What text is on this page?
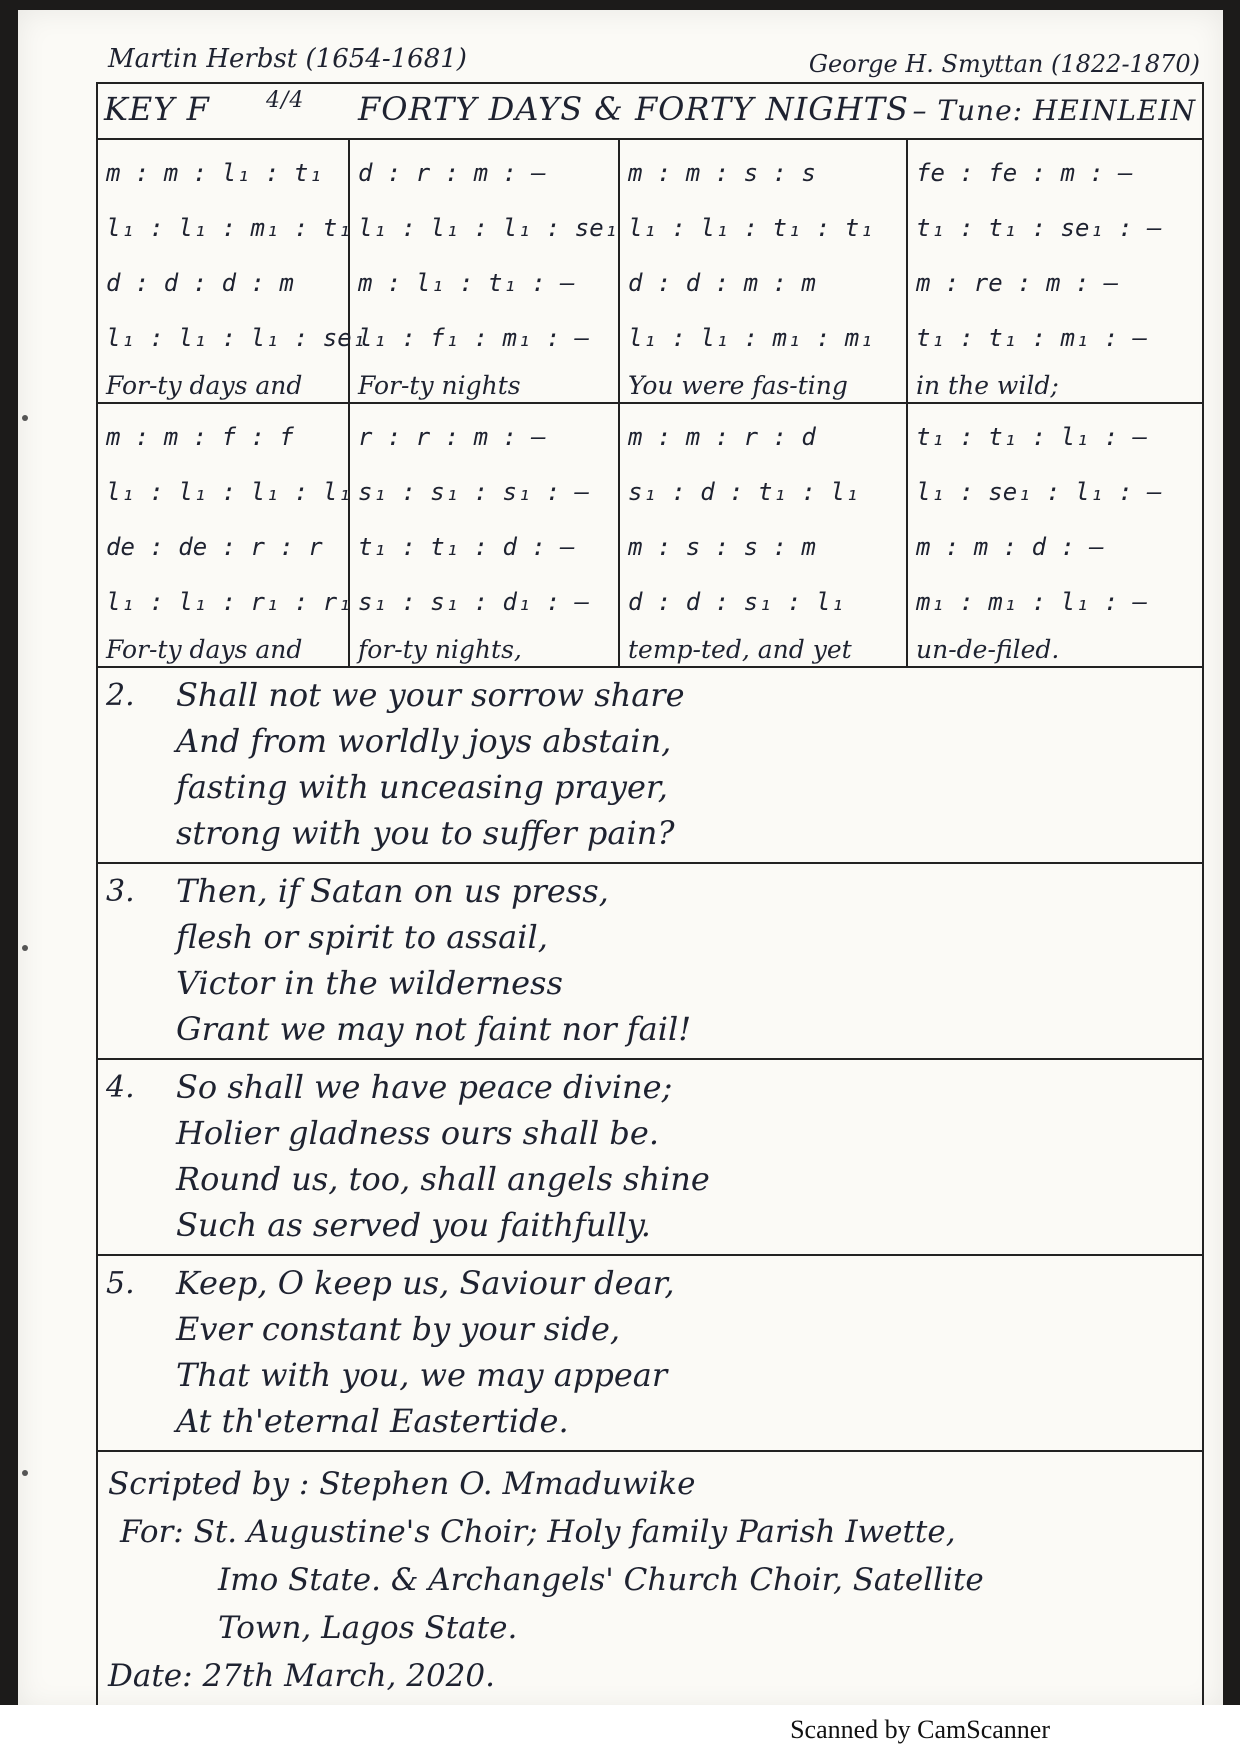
Martin Herbst (1654-1681)	George H. Smyttan (1822-1870)
KEY F	4/4 FORTY DAYS & FORTY NIGHTS – Tune: HEINLEIN
m : m : l₁ : t₁
l₁ : l₁ : m₁ : t₁
d : d : d : m
l₁ : l₁ : l₁ : se₁
For-ty days and
d : r : m : –
l₁ : l₁ : l₁ : se₁
m : l₁ : t₁ : –
l₁ : f₁ : m₁ : –
For-ty nights
m : m : s : s
l₁ : l₁ : t₁ : t₁
d : d : m : m
l₁ : l₁ : m₁ : m₁
You were fas-ting
fe : fe : m : –
t₁ : t₁ : se₁ : –
m : re : m : –
t₁ : t₁ : m₁ : –
in the wild;
m : m : f : f
l₁ : l₁ : l₁ : l₁
de : de : r : r
l₁ : l₁ : r₁ : r₁
For-ty days and
r : r : m : –
s₁ : s₁ : s₁ : –
t₁ : t₁ : d : –
s₁ : s₁ : d₁ : –
for-ty nights,
m : m : r : d
s₁ : d : t₁ : l₁
m : s : s : m
d : d : s₁ : l₁
temp-ted, and yet
t₁ : t₁ : l₁ : –
l₁ : se₁ : l₁ : –
m : m : d : –
m₁ : m₁ : l₁ : –
un-de-filed.
2. Shall not we your sorrow share
And from worldly joys abstain,
fasting with unceasing prayer,
strong with you to suffer pain?
3. Then, if Satan on us press,
flesh or spirit to assail,
Victor in the wilderness
Grant we may not faint nor fail!
4. So shall we have peace divine;
Holier gladness ours shall be.
Round us, too, shall angels shine
Such as served you faithfully.
5. Keep, O keep us, Saviour dear,
Ever constant by your side,
That with you, we may appear
At th'eternal Eastertide.
Scripted by : Stephen O. Mmaduwike
For: St. Augustine's Choir; Holy family Parish Iwette,
Imo State. & Archangels' Church Choir, Satellite
Town, Lagos State.
Date: 27th March, 2020.
Scanned by CamScanner
